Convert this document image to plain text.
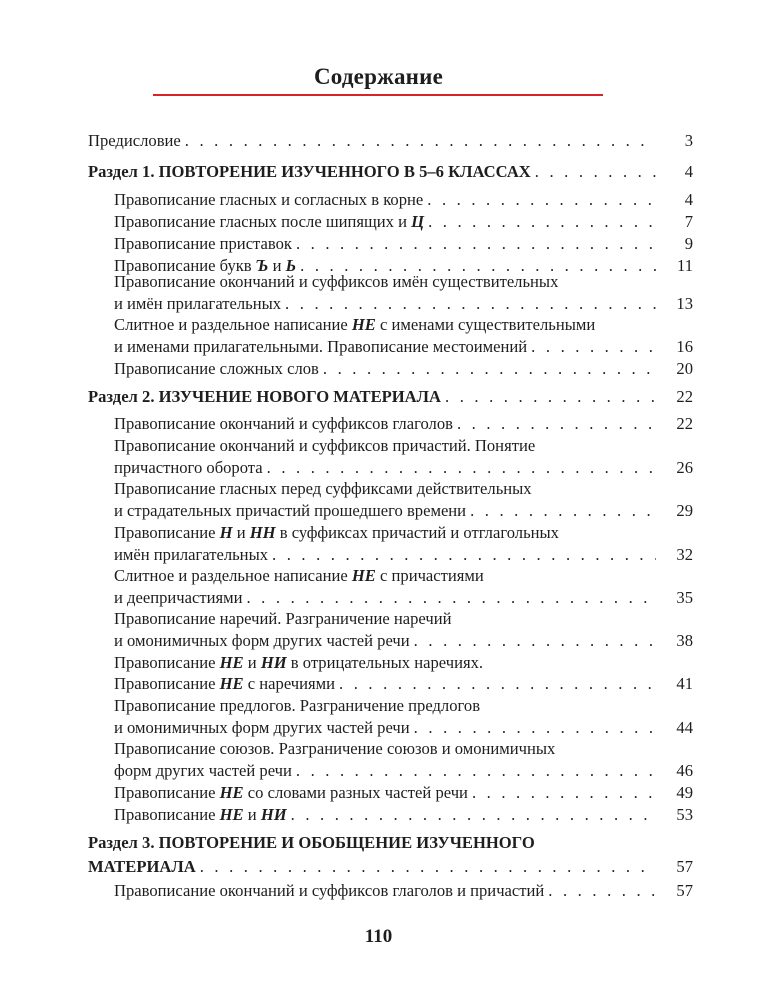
Содержание
Предисловие . . .	3
Раздел 1. ПОВТОРЕНИЕ ИЗУЧЕННОГО В 5–6 КЛАССАХ . . .	4
Правописание гласных и согласных в корне . . .	4
Правописание гласных после шипящих и Ц . . .	7
Правописание приставок . . .	9
Правописание букв Ъ и Ь . . .	11
Правописание окончаний и суффиксов имён существительных
и имён прилагательных . . .	13
Слитное и раздельное написание НЕ с именами существительными
и именами прилагательными. Правописание местоимений . . .	16
Правописание сложных слов . . .	20
Раздел 2. ИЗУЧЕНИЕ НОВОГО МАТЕРИАЛА . . .	22
Правописание окончаний и суффиксов глаголов . . .	22
Правописание окончаний и суффиксов причастий. Понятие
причастного оборота . . .	26
Правописание гласных перед суффиксами действительных
и страдательных причастий прошедшего времени . . .	29
Правописание Н и НН в суффиксах причастий и отглагольных
имён прилагательных . . .	32
Слитное и раздельное написание НЕ с причастиями
и деепричастиями . . .	35
Правописание наречий. Разграничение наречий
и омонимичных форм других частей речи . . .	38
Правописание НЕ и НИ в отрицательных наречиях.
Правописание НЕ с наречиями . . .	41
Правописание предлогов. Разграничение предлогов
и омонимичных форм других частей речи . . .	44
Правописание союзов. Разграничение союзов и омонимичных
форм других частей речи . . .	46
Правописание НЕ со словами разных частей речи . . .	49
Правописание НЕ и НИ . . .	53
Раздел 3. ПОВТОРЕНИЕ И ОБОБЩЕНИЕ ИЗУЧЕННОГО
МАТЕРИАЛА . . .	57
Правописание окончаний и суффиксов глаголов и причастий . . .	57
110
